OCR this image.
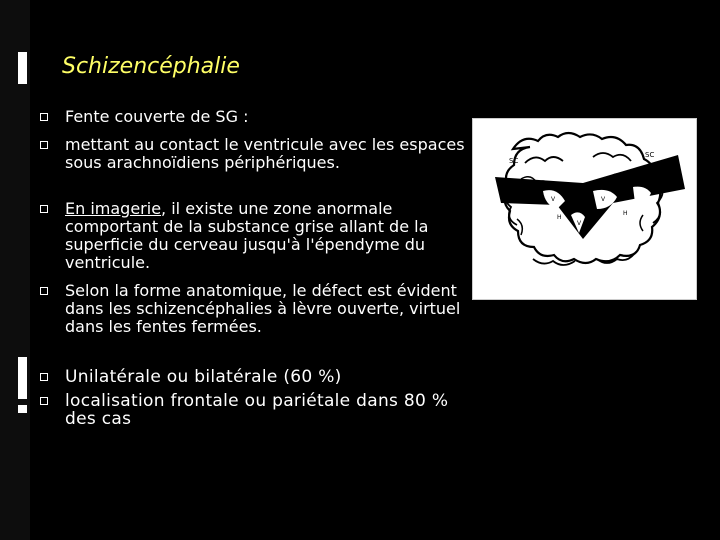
Schizencéphalie
Fente couverte de SG :
mettant au contact le ventricule avec les espaces sous arachnoïdiens périphériques.
En imagerie, il existe une zone anormale comportant de la substance grise allant de la superficie du cerveau jusqu'à l'épendyme du ventricule.
Selon la forme anatomique, le défect est évident dans les schizencéphalies à lèvre ouverte, virtuel dans les fentes fermées.
Unilatérale ou bilatérale (60 %)
localisation frontale ou pariétale dans 80 % des cas
SC
SC
V	V
V
H
H
